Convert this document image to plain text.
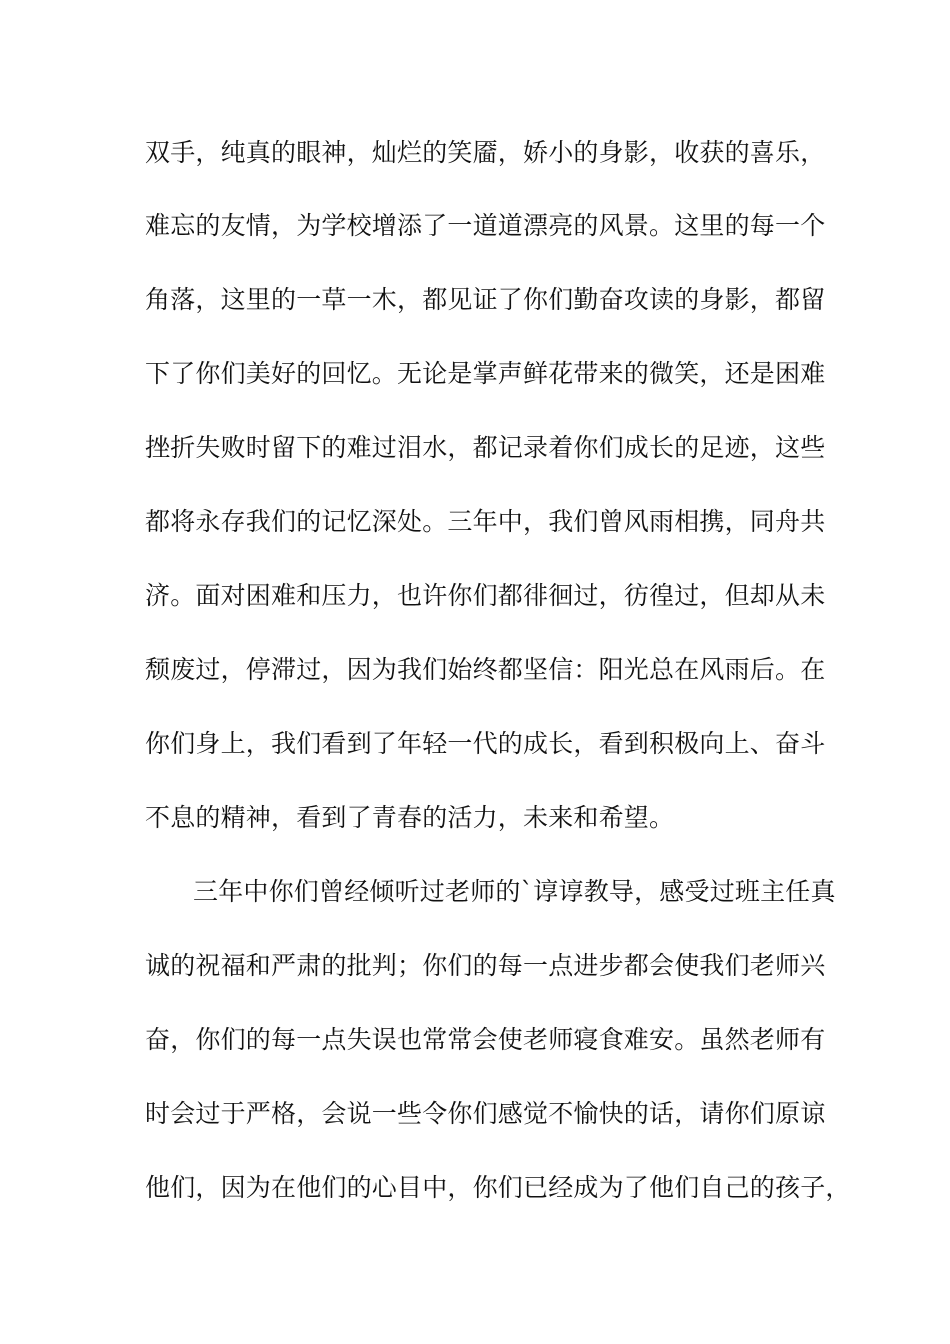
双手，纯真的眼神，灿烂的笑靥，娇小的身影，收获的喜乐，
难忘的友情，为学校增添了一道道漂亮的风景。这里的每一个
角落，这里的一草一木，都见证了你们勤奋攻读的身影，都留
下了你们美好的回忆。无论是掌声鲜花带来的微笑，还是困难
挫折失败时留下的难过泪水，都记录着你们成长的足迹，这些
都将永存我们的记忆深处。三年中，我们曾风雨相携，同舟共
济。面对困难和压力，也许你们都徘徊过，彷徨过，但却从未
颓废过，停滞过，因为我们始终都坚信：阳光总在风雨后。在
你们身上，我们看到了年轻一代的成长，看到积极向上、奋斗
不息的精神，看到了青春的活力，未来和希望。
三年中你们曾经倾听过老师的`谆谆教导，感受过班主任真
诚的祝福和严肃的批判；你们的每一点进步都会使我们老师兴
奋，你们的每一点失误也常常会使老师寝食难安。虽然老师有
时会过于严格，会说一些令你们感觉不愉快的话，请你们原谅
他们，因为在他们的心目中，你们已经成为了他们自己的孩子，
